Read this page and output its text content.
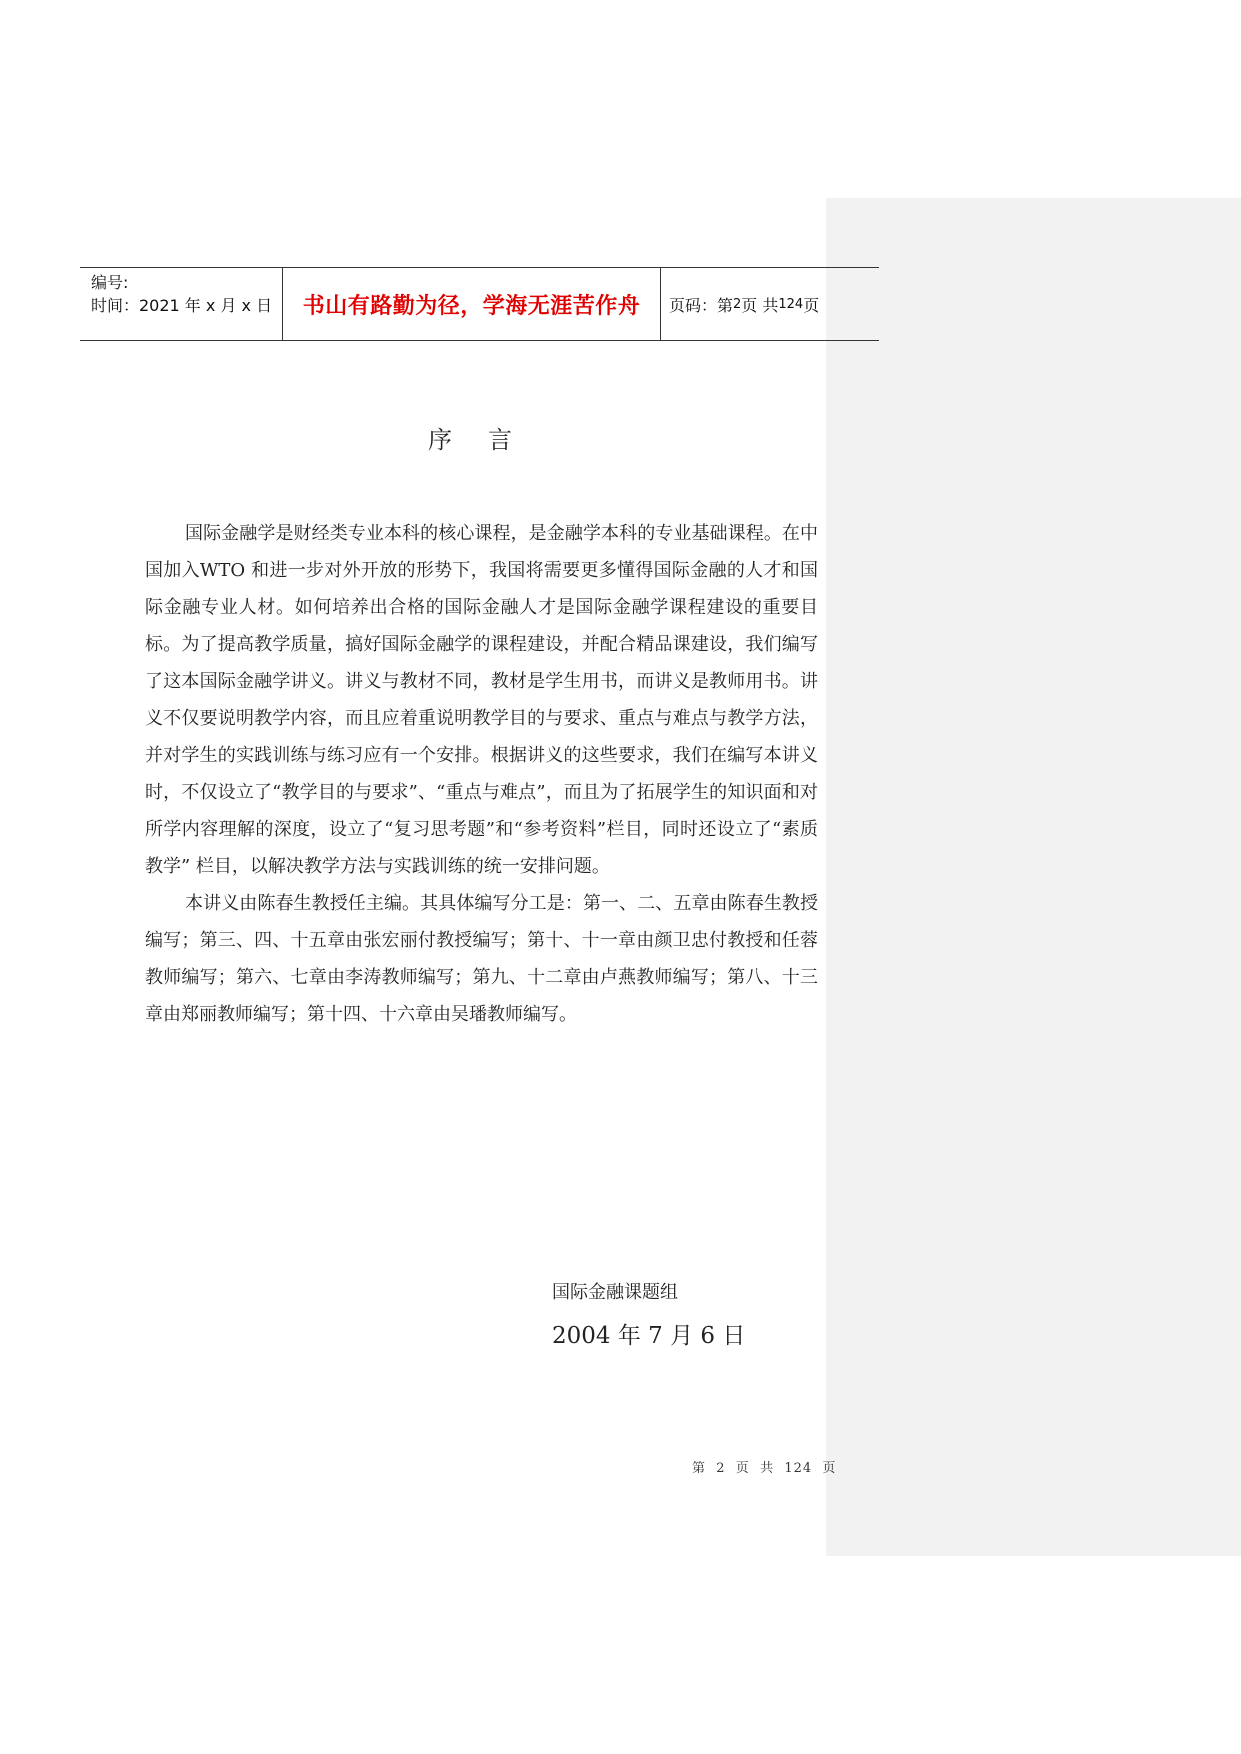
编号:
时间：2021 年 x 月 x 日	书山有路勤为径，学海无涯苦作舟	页码：第 2 页 共 124 页
序 言

国际金融学是财经类专业本科的核心课程，是金融学本科的专业基础课程。在中国加入WTO 和进一步对外开放的形势下，我国将需要更多懂得国际金融的人才和国际金融专业人材。如何培养出合格的国际金融人才是国际金融学课程建设的重要目标。为了提高教学质量，搞好国际金融学的课程建设，并配合精品课建设，我们编写了这本国际金融学讲义。讲义与教材不同，教材是学生用书，而讲义是教师用书。讲义不仅要说明教学内容，而且应着重说明教学目的与要求、重点与难点与教学方法，并对学生的实践训练与练习应有一个安排。根据讲义的这些要求，我们在编写本讲义时，不仅设立了“教学目的与要求”、“重点与难点”，而且为了拓展学生的知识面和对所学内容理解的深度，设立了“复习思考题”和“参考资料”栏目，同时还设立了“素质教学” 栏目，以解决教学方法与实践训练的统一安排问题。

本讲义由陈春生教授任主编。其具体编写分工是：第一、二、五章由陈春生教授编写；第三、四、十五章由张宏丽付教授编写；第十、十一章由颜卫忠付教授和任蓉教师编写；第六、七章由李涛教师编写；第九、十二章由卢燕教师编写；第八、十三章由郑丽教师编写；第十四、十六章由吴璠教师编写。

国际金融课题组
2004 年 7 月 6 日
第  2  页  共  124  页
